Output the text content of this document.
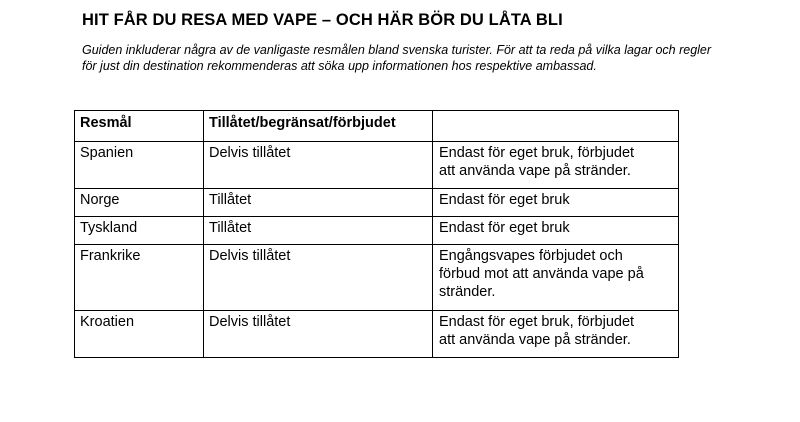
HIT FÅR DU RESA MED VAPE – OCH HÄR BÖR DU LÅTA BLI

Guiden inkluderar några av de vanligaste resmålen bland svenska turister. För att ta reda på vilka lagar och regler
för just din destination rekommenderas att söka upp informationen hos respektive ambassad.

Resmål	Tillåtet/begränsat/förbjudet	
Spanien	Delvis tillåtet	Endast för eget bruk, förbjudet
att använda vape på stränder.

Norge	Tillåtet	Endast för eget bruk

Tyskland	Tillåtet	Endast för eget bruk

Frankrike	Delvis tillåtet	Engångsvapes förbjudet och
förbud mot att använda vape på
stränder.

Kroatien	Delvis tillåtet	Endast för eget bruk, förbjudet
att använda vape på stränder.
